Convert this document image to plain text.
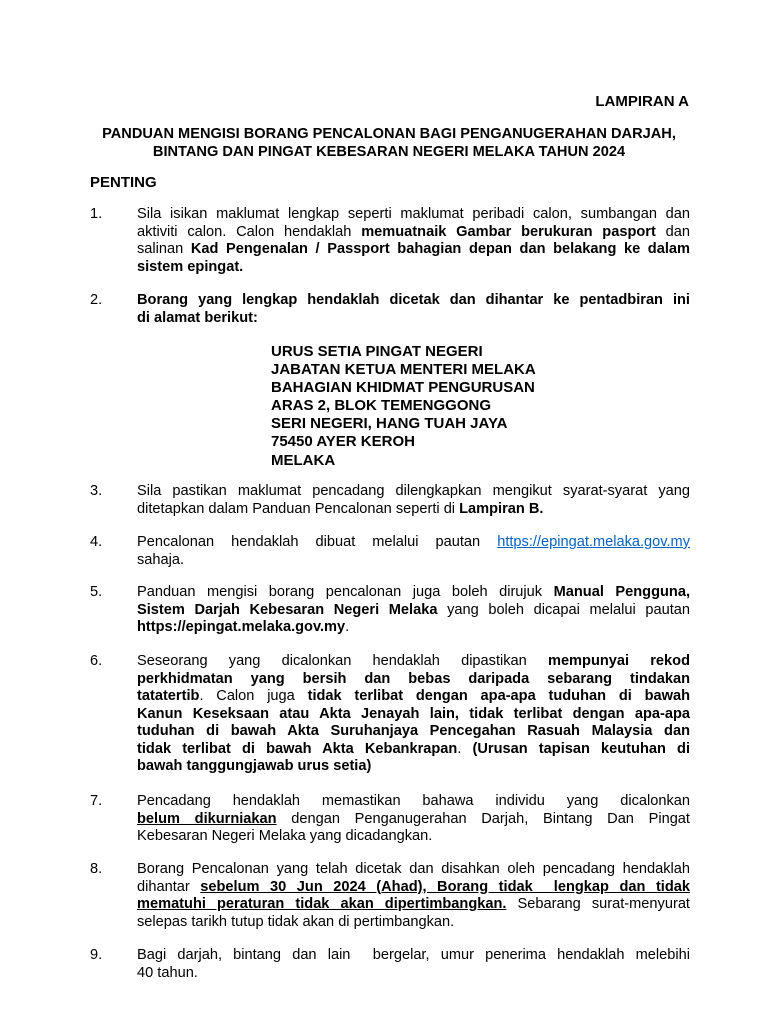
LAMPIRAN A
PANDUAN MENGISI BORANG PENCALONAN BAGI PENGANUGERAHAN DARJAH,
BINTANG DAN PINGAT KEBESARAN NEGERI MELAKA TAHUN 2024
PENTING
1.	Sila isikan maklumat lengkap seperti maklumat peribadi calon, sumbangan dan
aktiviti calon. Calon hendaklah memuatnaik Gambar berukuran pasport dan
salinan Kad Pengenalan / Passport bahagian depan dan belakang ke dalam
sistem epingat.
2.	Borang yang lengkap hendaklah dicetak dan dihantar ke pentadbiran ini
di alamat berikut:
URUS SETIA PINGAT NEGERI
JABATAN KETUA MENTERI MELAKA
BAHAGIAN KHIDMAT PENGURUSAN
ARAS 2, BLOK TEMENGGONG
SERI NEGERI, HANG TUAH JAYA
75450 AYER KEROH
MELAKA
3.	Sila pastikan maklumat pencadang dilengkapkan mengikut syarat-syarat yang
ditetapkan dalam Panduan Pencalonan seperti di Lampiran B.
4.	Pencalonan hendaklah dibuat melalui pautan https://epingat.melaka.gov.my
sahaja.
5.	Panduan mengisi borang pencalonan juga boleh dirujuk Manual Pengguna,
Sistem Darjah Kebesaran Negeri Melaka yang boleh dicapai melalui pautan
https://epingat.melaka.gov.my.
6.	Seseorang yang dicalonkan hendaklah dipastikan mempunyai rekod
perkhidmatan yang bersih dan bebas daripada sebarang tindakan
tatatertib. Calon juga tidak terlibat dengan apa-apa tuduhan di bawah
Kanun Keseksaan atau Akta Jenayah lain, tidak terlibat dengan apa-apa
tuduhan di bawah Akta Suruhanjaya Pencegahan Rasuah Malaysia dan
tidak terlibat di bawah Akta Kebankrapan. (Urusan tapisan keutuhan di
bawah tanggungjawab urus setia)
7.	Pencadang hendaklah memastikan bahawa individu yang dicalonkan
belum dikurniakan dengan Penganugerahan Darjah, Bintang Dan Pingat
Kebesaran Negeri Melaka yang dicadangkan.
8.	Borang Pencalonan yang telah dicetak dan disahkan oleh pencadang hendaklah
dihantar sebelum 30 Jun 2024 (Ahad), Borang tidak  lengkap dan tidak
mematuhi peraturan tidak akan dipertimbangkan. Sebarang surat-menyurat
selepas tarikh tutup tidak akan di pertimbangkan.
9.	Bagi darjah, bintang dan lain  bergelar, umur penerima hendaklah melebihi
40 tahun.
